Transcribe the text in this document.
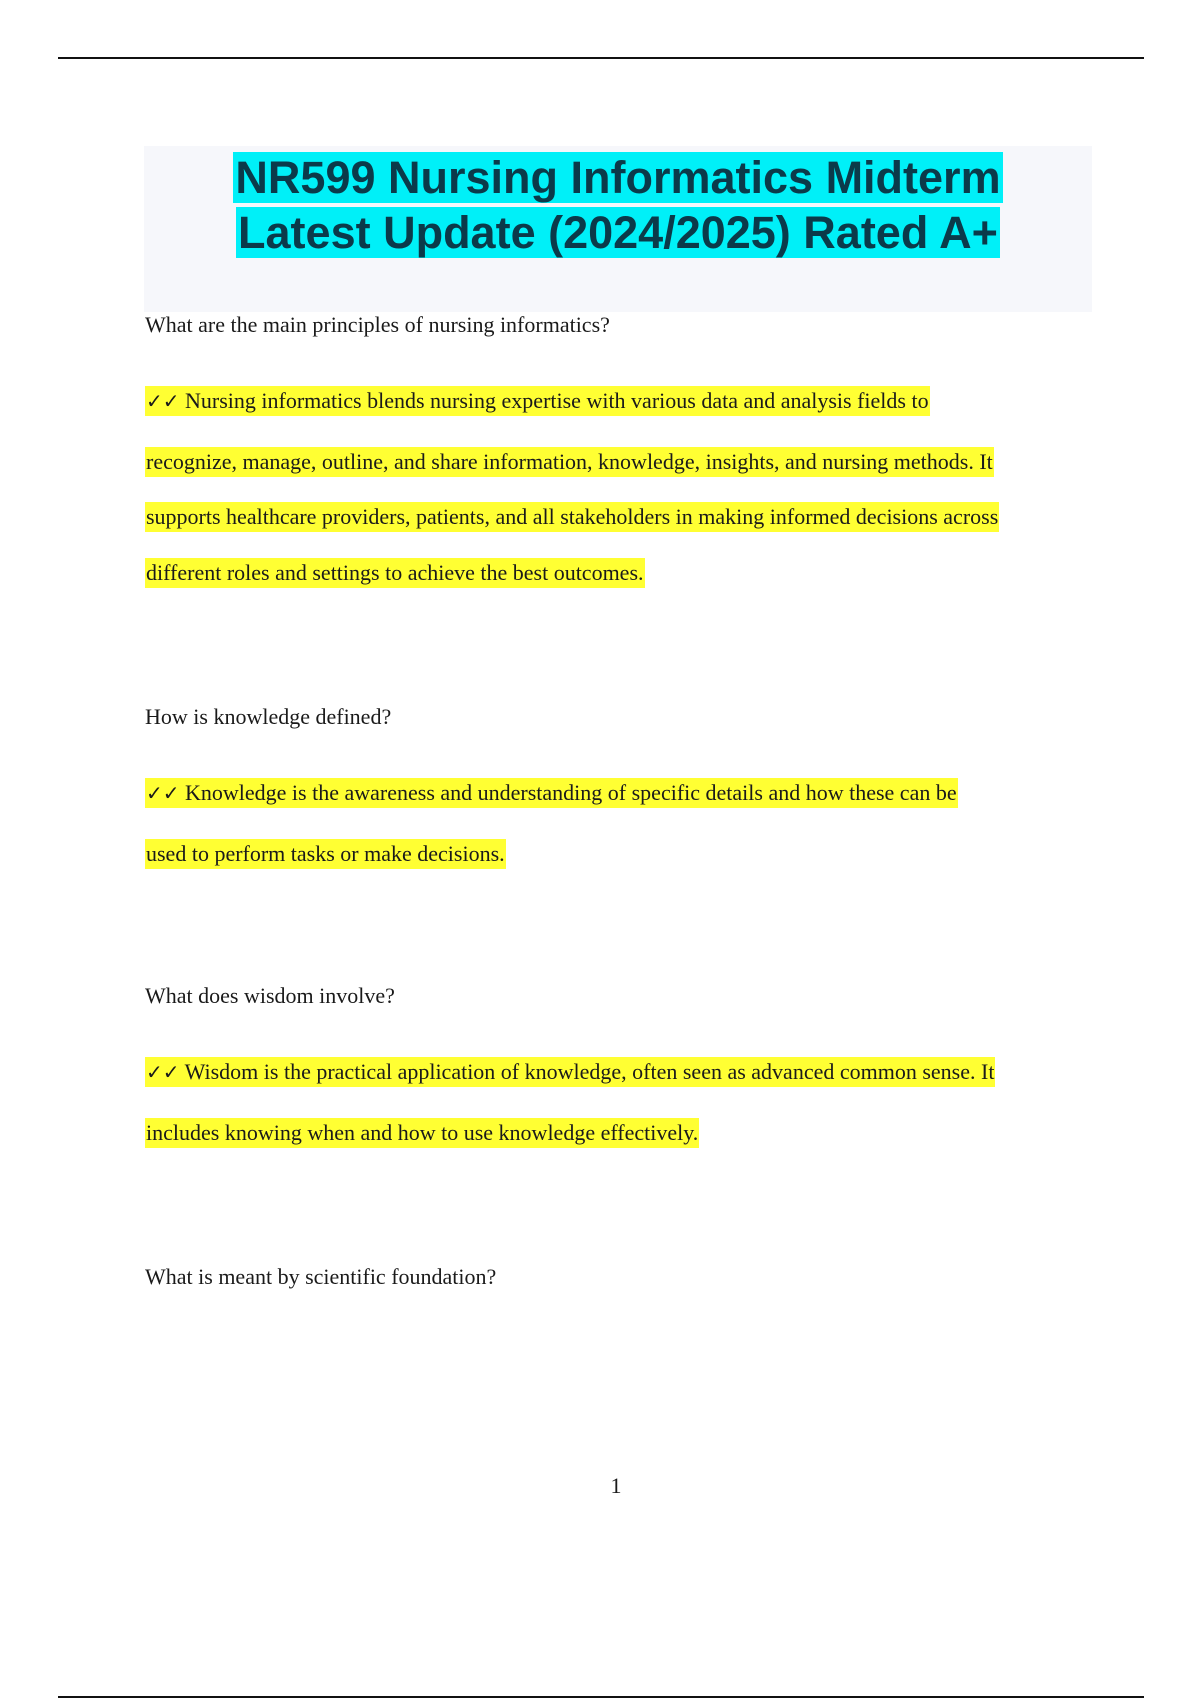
NR599 Nursing Informatics Midterm
Latest Update (2024/2025) Rated A+

What are the main principles of nursing informatics?

✓✓ Nursing informatics blends nursing expertise with various data and analysis fields to
recognize, manage, outline, and share information, knowledge, insights, and nursing methods. It
supports healthcare providers, patients, and all stakeholders in making informed decisions across
different roles and settings to achieve the best outcomes.

How is knowledge defined?

✓✓ Knowledge is the awareness and understanding of specific details and how these can be
used to perform tasks or make decisions.

What does wisdom involve?

✓✓ Wisdom is the practical application of knowledge, often seen as advanced common sense. It
includes knowing when and how to use knowledge effectively.

What is meant by scientific foundation?

1
